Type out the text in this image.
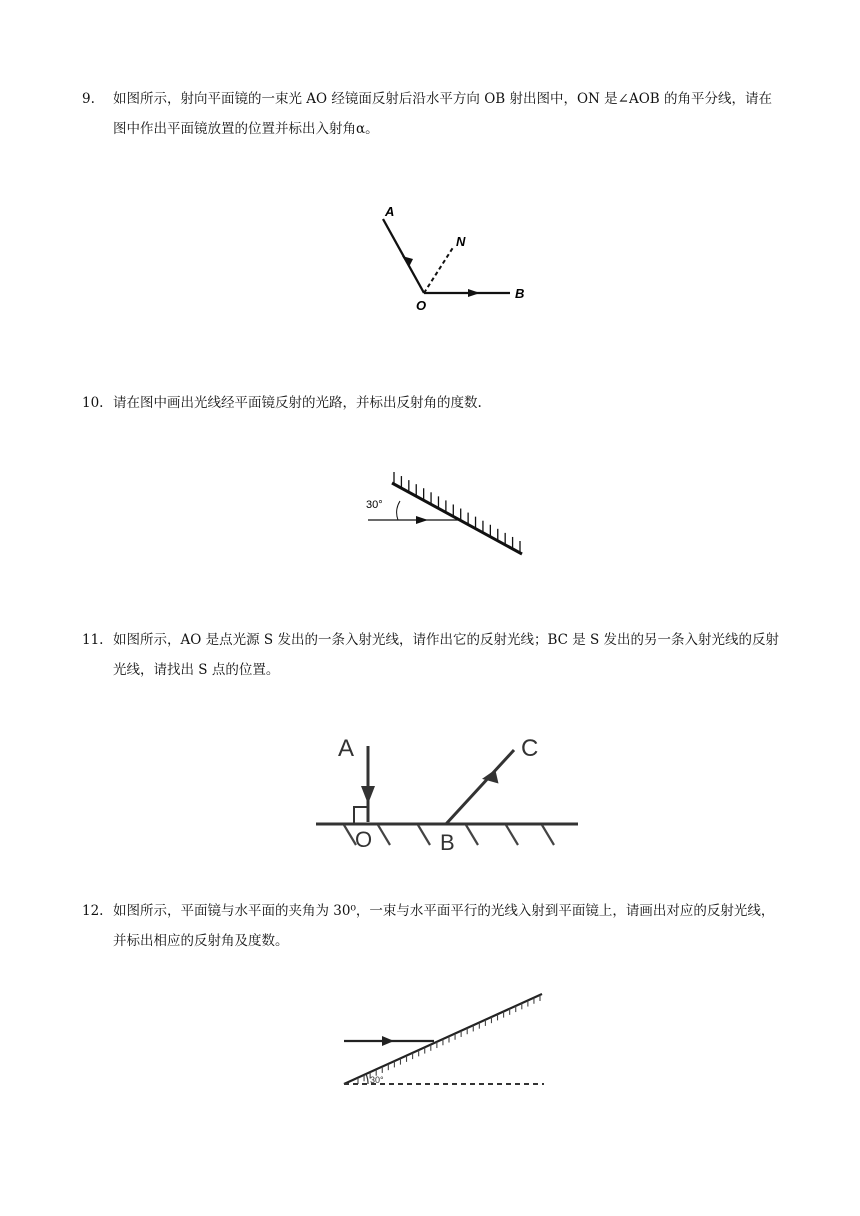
9. 如图所示，射向平面镜的一束光 AO 经镜面反射后沿水平方向 OB 射出图中，ON 是∠AOB 的角平分线，请在图中作出平面镜放置的位置并标出入射角α。
A
N
O
B
10. 请在图中画出光线经平面镜反射的光路，并标出反射角的度数.
30°
11. 如图所示，AO 是点光源 S 发出的一条入射光线，请作出它的反射光线；BC 是 S 发出的另一条入射光线的反射光线，请找出 S 点的位置。
A	C
O	B
12. 如图所示，平面镜与水平面的夹角为 30⁰，一束与水平面平行的光线入射到平面镜上，请画出对应的反射光线，并标出相应的反射角及度数。
30°
